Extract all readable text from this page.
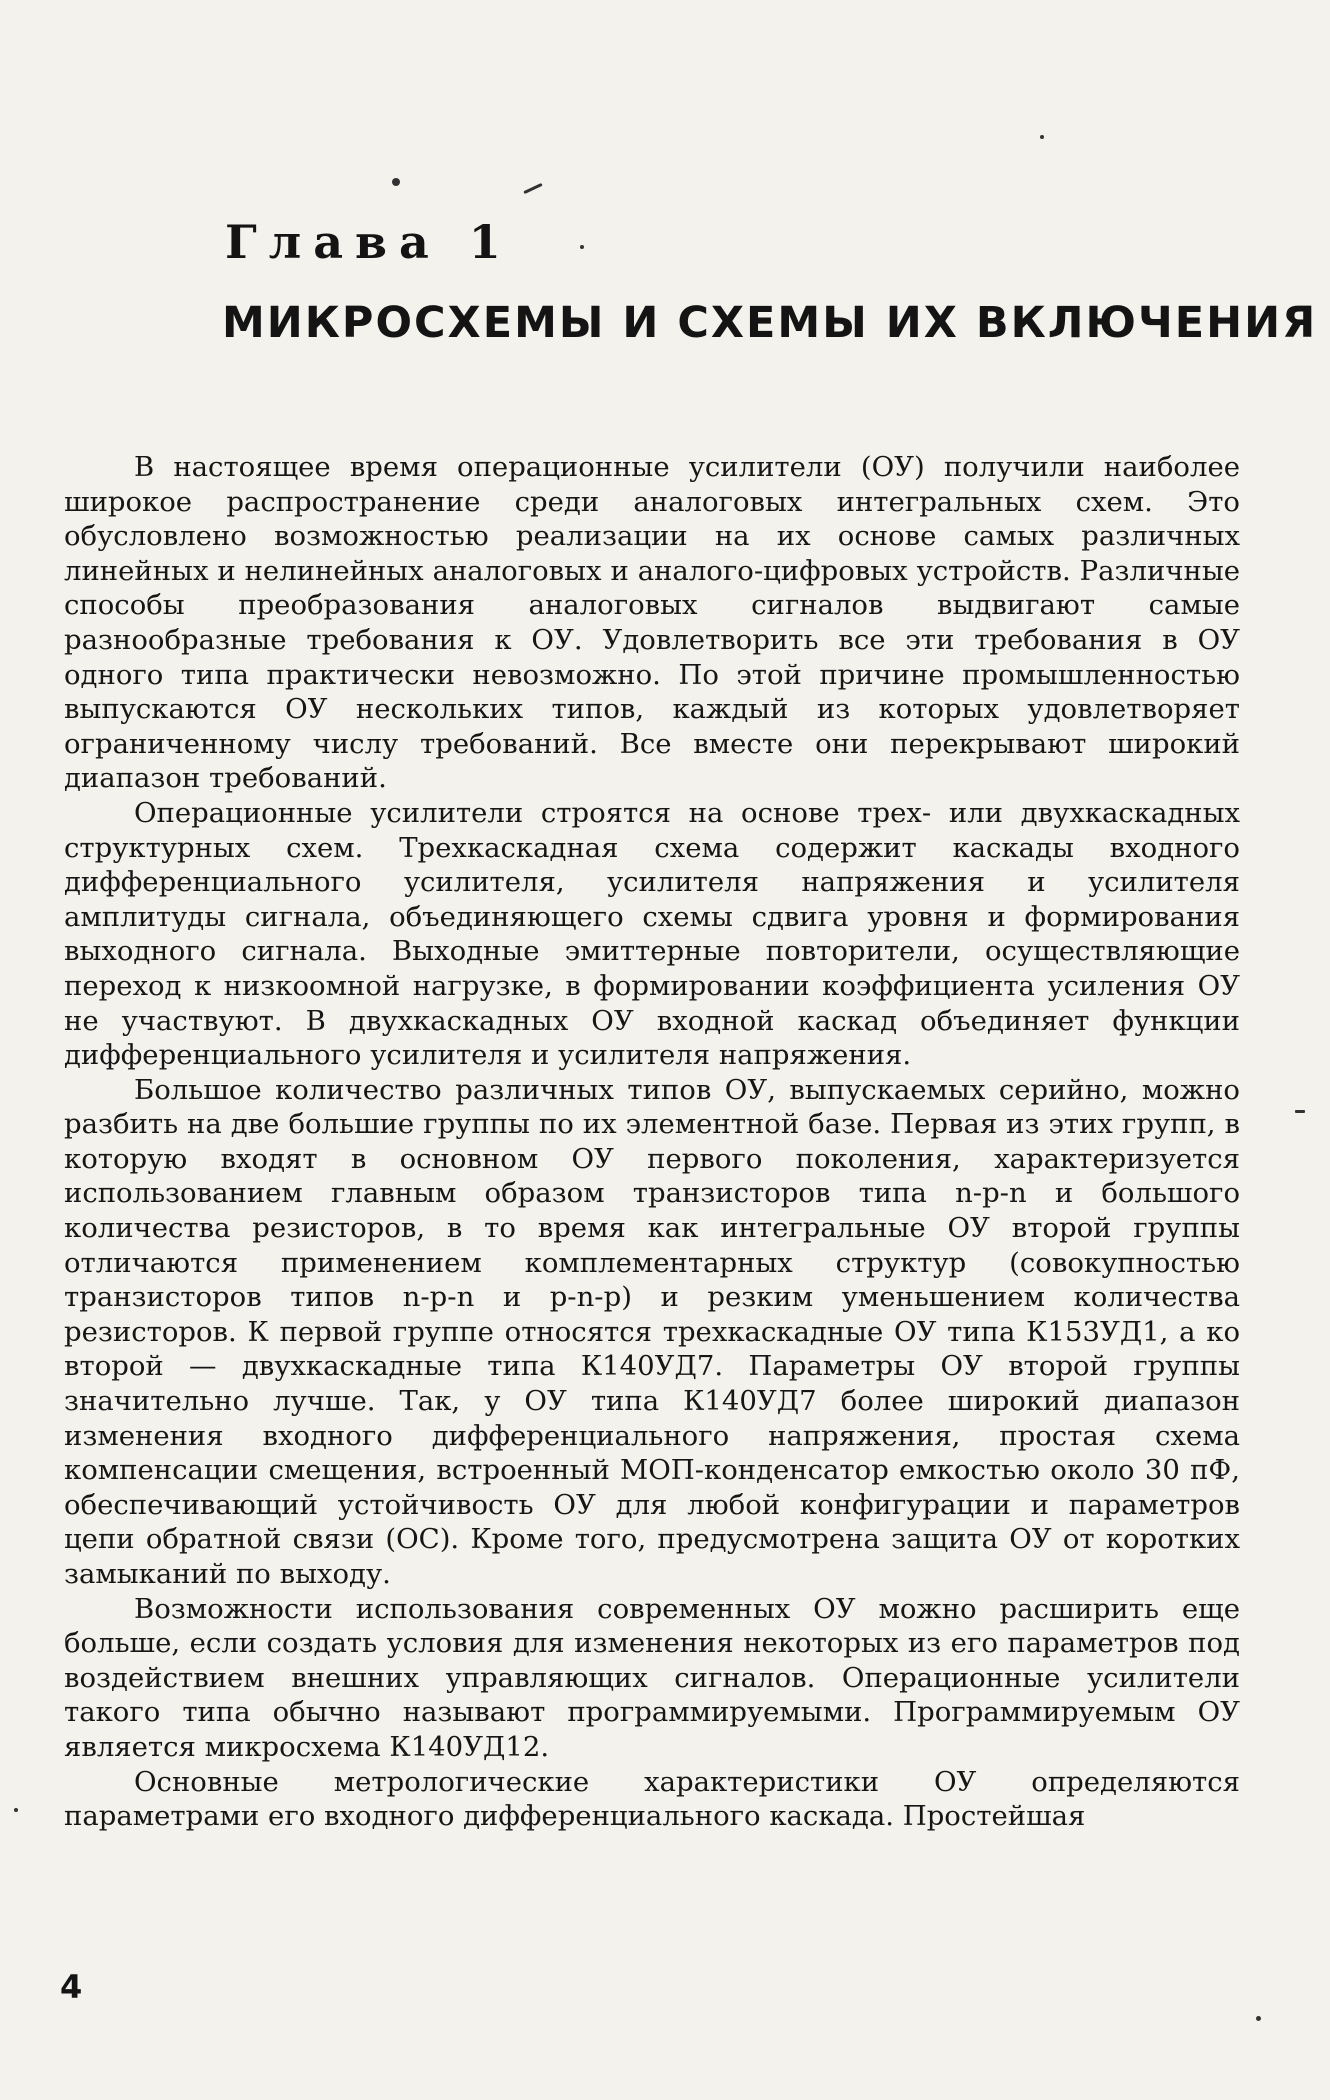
Глава 1
МИКРОСХЕМЫ И СХЕМЫ ИХ ВКЛЮЧЕНИЯ

В настоящее время операционные усилители (ОУ) получили наиболее широкое распространение среди аналоговых интегральных схем. Это обусловлено возможностью реализации на их основе самых различных линейных и нелинейных аналоговых и аналого-цифровых устройств. Различные способы преобразования аналоговых сигналов выдвигают самые разнообразные требования к ОУ. Удовлетворить все эти требования в ОУ одного типа практически невозможно. По этой причине промышленностью выпускаются ОУ нескольких типов, каждый из которых удовлетворяет ограниченному числу требований. Все вместе они перекрывают широкий диапазон требований.

Операционные усилители строятся на основе трех- или двухкаскадных структурных схем. Трехкаскадная схема содержит каскады входного дифференциального усилителя, усилителя напряжения и усилителя амплитуды сигнала, объединяющего схемы сдвига уровня и формирования выходного сигнала. Выходные эмиттерные повторители, осуществляющие переход к низкоомной нагрузке, в формировании коэффициента усиления ОУ не участвуют. В двухкаскадных ОУ входной каскад объединяет функции дифференциального усилителя и усилителя напряжения.

Большое количество различных типов ОУ, выпускаемых серийно, можно разбить на две большие группы по их элементной базе. Первая из этих групп, в которую входят в основном ОУ первого поколения, характеризуется использованием главным образом транзисторов типа n-p-n и большого количества резисторов, в то время как интегральные ОУ второй группы отличаются применением комплементарных структур (совокупностью транзисторов типов n-p-n и p-n-p) и резким уменьшением количества резисторов. К первой группе относятся трехкаскадные ОУ типа К153УД1, а ко второй — двухкаскадные типа К140УД7. Параметры ОУ второй группы значительно лучше. Так, у ОУ типа К140УД7 более широкий диапазон изменения входного дифференциального напряжения, простая схема компенсации смещения, встроенный МОП-конденсатор емкостью около 30 пФ, обеспечивающий устойчивость ОУ для любой конфигурации и параметров цепи обратной связи (ОС). Кроме того, предусмотрена защита ОУ от коротких замыканий по выходу.

Возможности использования современных ОУ можно расширить еще больше, если создать условия для изменения некоторых из его параметров под воздействием внешних управляющих сигналов. Операционные усилители такого типа обычно называют программируемыми. Программируемым ОУ является микросхема К140УД12.

Основные метрологические характеристики ОУ определяются параметрами его входного дифференциального каскада. Простейшая

4
